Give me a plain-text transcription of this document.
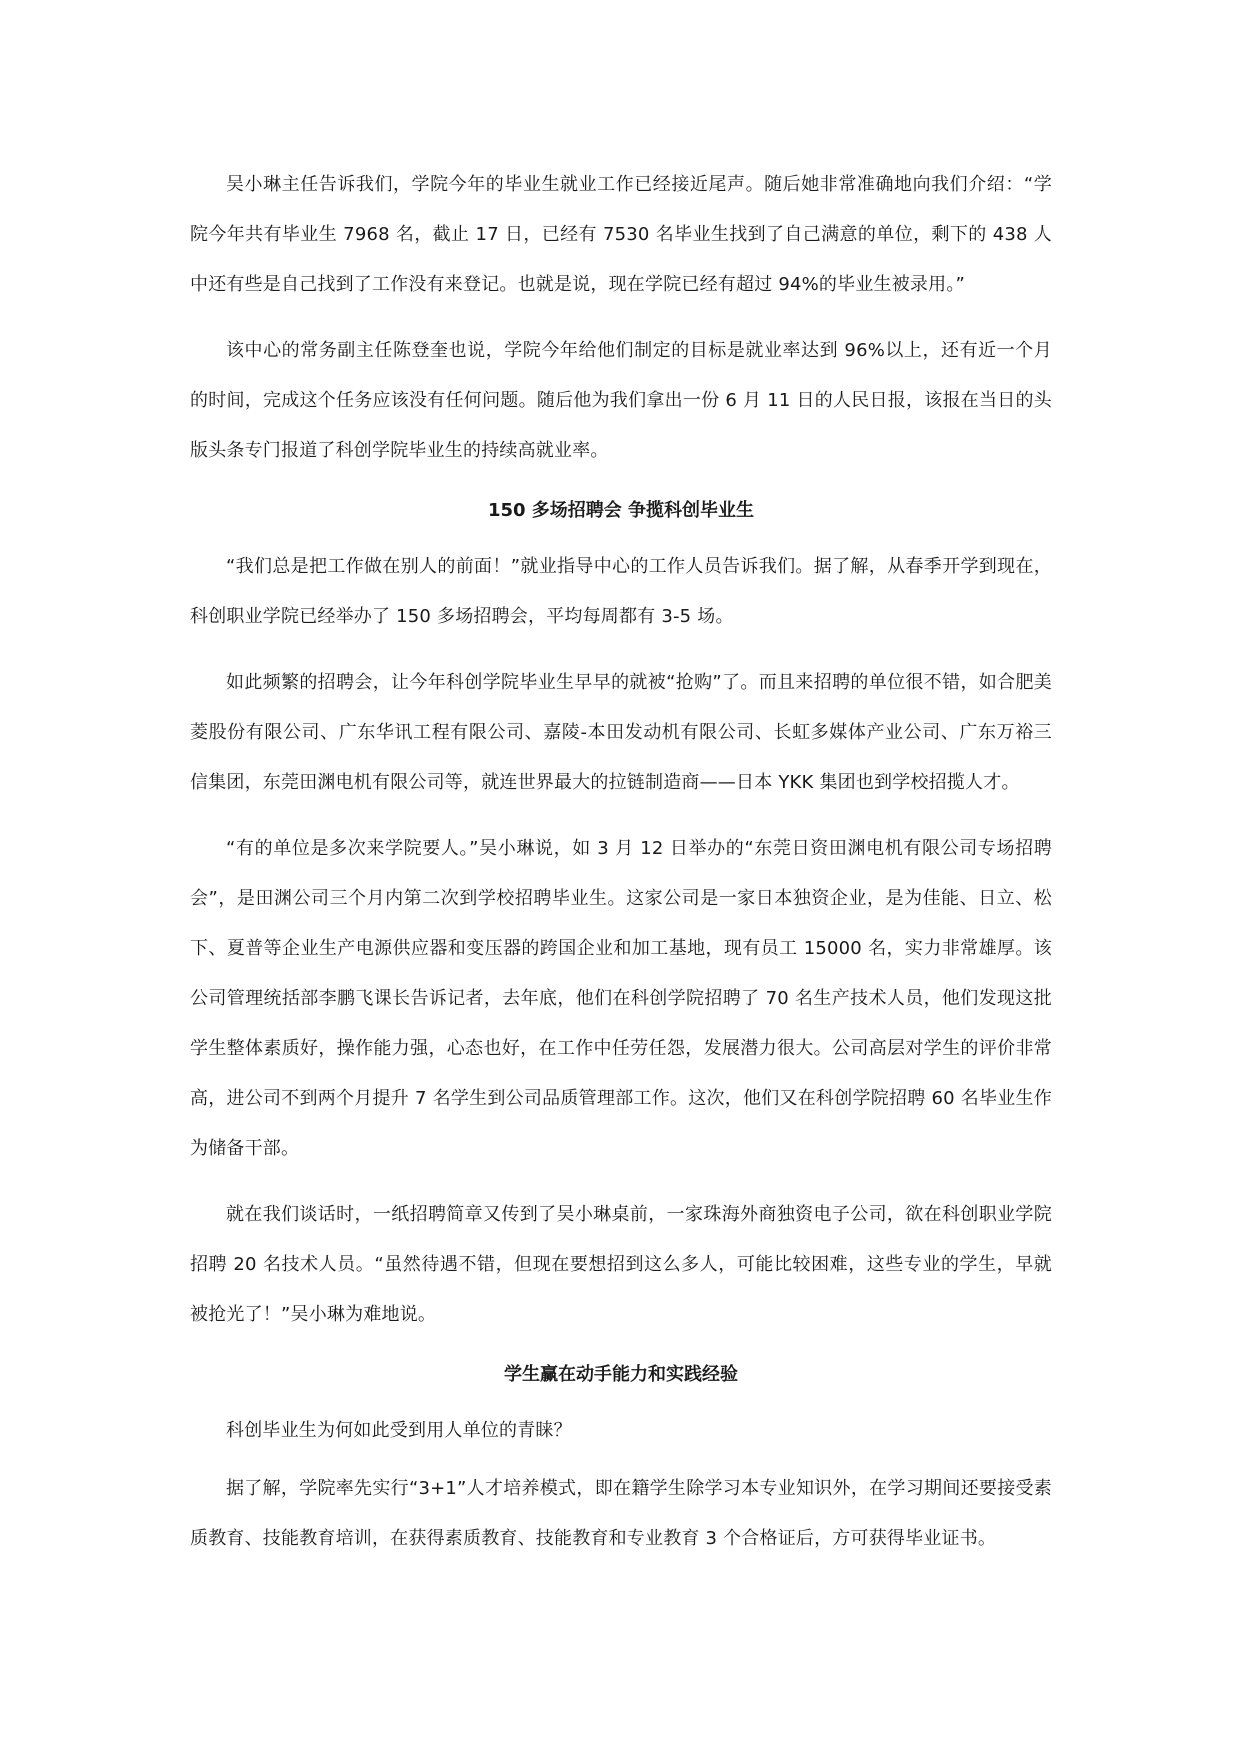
吴小琳主任告诉我们，学院今年的毕业生就业工作已经接近尾声。随后她非常准确地向我们介绍：“学院今年共有毕业生 7968 名，截止 17 日，已经有 7530 名毕业生找到了自己满意的单位，剩下的 438 人中还有些是自己找到了工作没有来登记。也就是说，现在学院已经有超过 94%的毕业生被录用。”

该中心的常务副主任陈登奎也说，学院今年给他们制定的目标是就业率达到 96%以上，还有近一个月的时间，完成这个任务应该没有任何问题。随后他为我们拿出一份 6 月 11 日的人民日报，该报在当日的头版头条专门报道了科创学院毕业生的持续高就业率。

150 多场招聘会 争揽科创毕业生

“我们总是把工作做在别人的前面！”就业指导中心的工作人员告诉我们。据了解，从春季开学到现在，科创职业学院已经举办了 150 多场招聘会，平均每周都有 3-5 场。

如此频繁的招聘会，让今年科创学院毕业生早早的就被“抢购”了。而且来招聘的单位很不错，如合肥美菱股份有限公司、广东华讯工程有限公司、嘉陵-本田发动机有限公司、长虹多媒体产业公司、广东万裕三信集团，东莞田渊电机有限公司等，就连世界最大的拉链制造商——日本 YKK 集团也到学校招揽人才。

“有的单位是多次来学院要人。”吴小琳说，如 3 月 12 日举办的“东莞日资田渊电机有限公司专场招聘会”，是田渊公司三个月内第二次到学校招聘毕业生。这家公司是一家日本独资企业，是为佳能、日立、松下、夏普等企业生产电源供应器和变压器的跨国企业和加工基地，现有员工 15000 名，实力非常雄厚。该公司管理统括部李鹏飞课长告诉记者，去年底，他们在科创学院招聘了 70 名生产技术人员，他们发现这批学生整体素质好，操作能力强，心态也好，在工作中任劳任怨，发展潜力很大。公司高层对学生的评价非常高，进公司不到两个月提升 7 名学生到公司品质管理部工作。这次，他们又在科创学院招聘 60 名毕业生作为储备干部。

就在我们谈话时，一纸招聘简章又传到了吴小琳桌前，一家珠海外商独资电子公司，欲在科创职业学院招聘 20 名技术人员。“虽然待遇不错，但现在要想招到这么多人，可能比较困难，这些专业的学生，早就被抢光了！”吴小琳为难地说。

学生赢在动手能力和实践经验

科创毕业生为何如此受到用人单位的青睐？

据了解，学院率先实行“3+1”人才培养模式，即在籍学生除学习本专业知识外，在学习期间还要接受素质教育、技能教育培训，在获得素质教育、技能教育和专业教育 3 个合格证后，方可获得毕业证书。
